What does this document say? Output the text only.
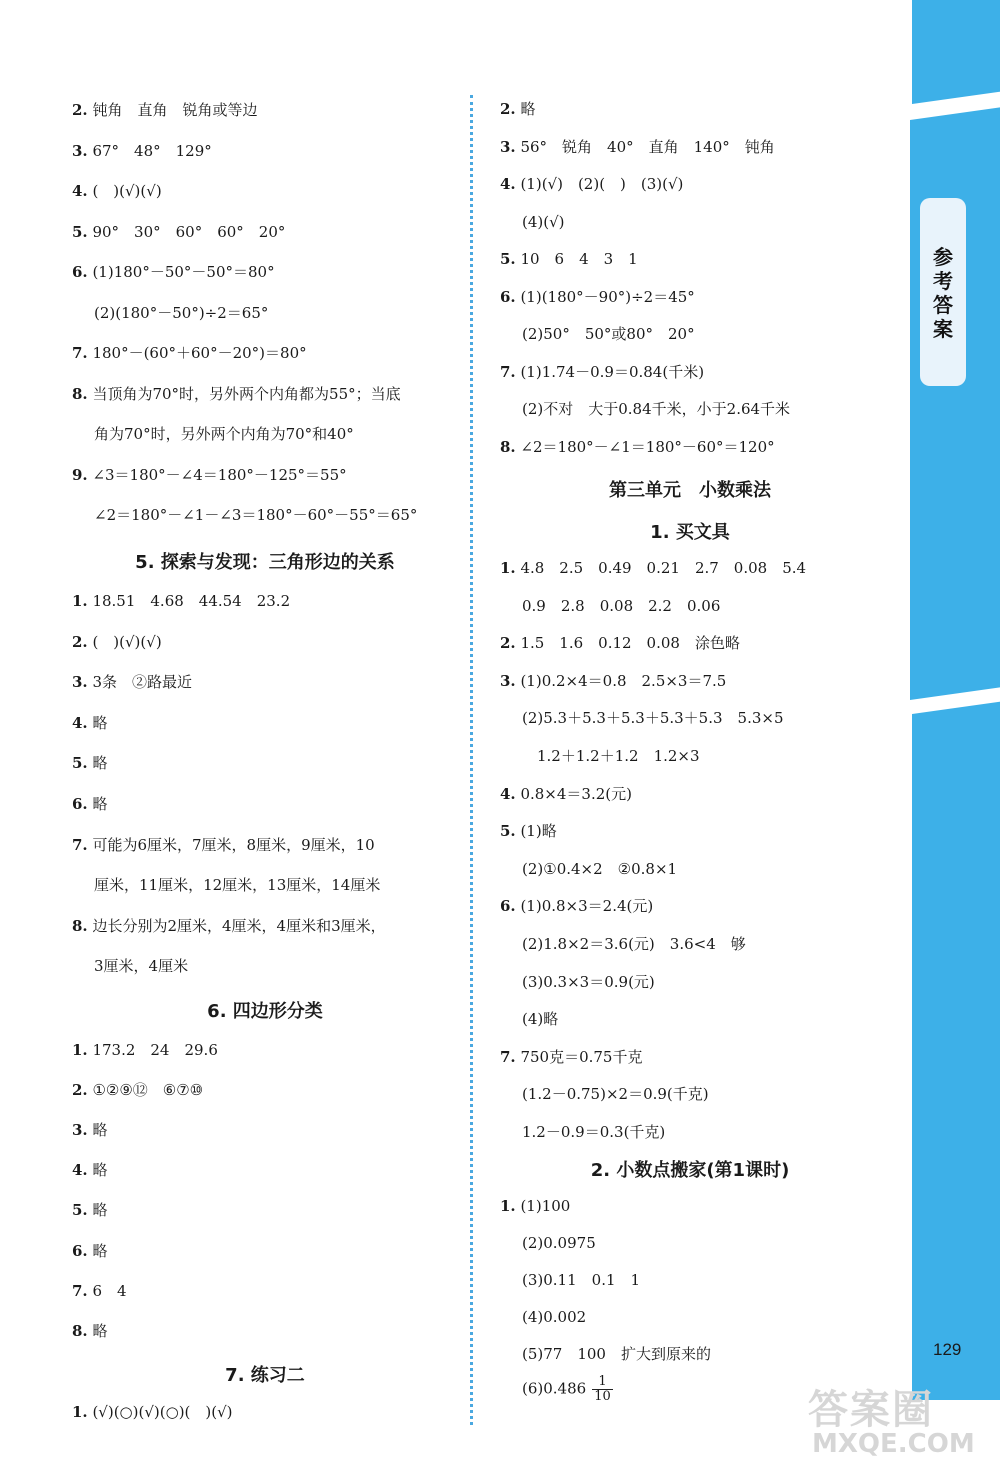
参考答案
5. 探索与发现：三角形边的关系
6. 四边形分类
7. 练习二
第三单元　小数乘法
1. 买文具
2. 小数点搬家(第1课时)
129
答案圈
MXQE.COM
2. 钝角　直角　锐角或等边
3. 67°　48°　129°
4. (　)(√)(√)
5. 90°　30°　60°　60°　20°
6. (1)180°－50°－50°＝80°
(2)(180°－50°)÷2＝65°
7. 180°－(60°＋60°－20°)＝80°
8. 当顶角为70°时，另外两个内角都为55°；当底
角为70°时，另外两个内角为70°和40°
9. ∠3＝180°－∠4＝180°－125°＝55°
∠2＝180°－∠1－∠3＝180°－60°－55°＝65°
1. 18.51　4.68　44.54　23.2
2. (　)(√)(√)
3. 3条　②路最近
4. 略
5. 略
6. 略
7. 可能为6厘米，7厘米，8厘米，9厘米，10
厘米，11厘米，12厘米，13厘米，14厘米
8. 边长分别为2厘米，4厘米，4厘米和3厘米，
3厘米，4厘米
1. 173.2　24　29.6
2. ①②⑨⑫　⑥⑦⑩
3. 略
4. 略
5. 略
6. 略
7. 6　4
8. 略
1. (√)(○)(√)(○)(　)(√)
2. 略
3. 56°　锐角　40°　直角　140°　钝角
4. (1)(√)　(2)(　)　(3)(√)
(4)(√)
5. 10　6　4　3　1
6. (1)(180°－90°)÷2＝45°
(2)50°　50°或80°　20°
7. (1)1.74－0.9＝0.84(千米)
(2)不对　大于0.84千米，小于2.64千米
8. ∠2＝180°－∠1＝180°－60°＝120°
1. 4.8　2.5　0.49　0.21　2.7　0.08　5.4
0.9　2.8　0.08　2.2　0.06
2. 1.5　1.6　0.12　0.08　涂色略
3. (1)0.2×4＝0.8　2.5×3＝7.5
(2)5.3＋5.3＋5.3＋5.3＋5.3　5.3×5
　1.2＋1.2＋1.2　1.2×3
4. 0.8×4＝3.2(元)
5. (1)略
(2)①0.4×2　②0.8×1
6. (1)0.8×3＝2.4(元)
(2)1.8×2＝3.6(元)　3.6<4　够
(3)0.3×3＝0.9(元)
(4)略
7. 750克＝0.75千克
(1.2－0.75)×2＝0.9(千克)
1.2－0.9＝0.3(千克)
1. (1)100
(2)0.0975
(3)0.11　0.1　1
(4)0.002
(5)77　100　扩大到原来的
$(6)0.486 \frac{1}{10}$
